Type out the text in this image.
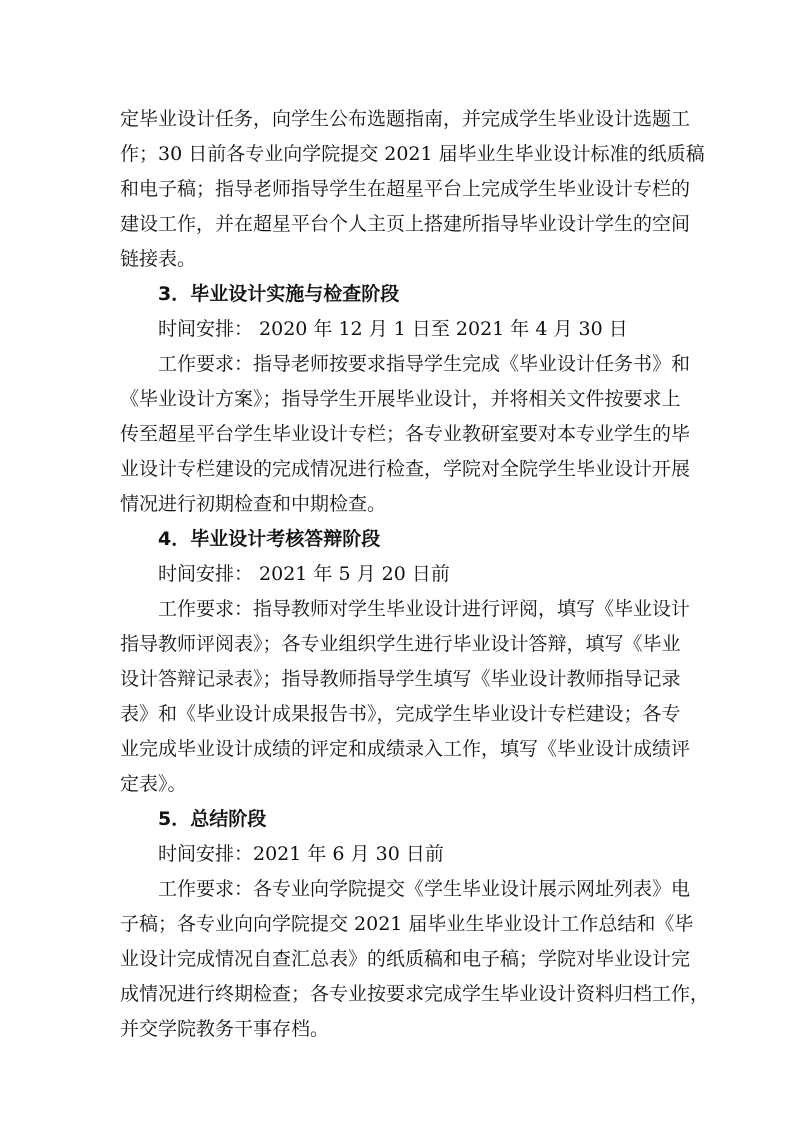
定毕业设计任务，向学生公布选题指南，并完成学生毕业设计选题工
作；30 日前各专业向学院提交 2021 届毕业生毕业设计标准的纸质稿
和电子稿；指导老师指导学生在超星平台上完成学生毕业设计专栏的
建设工作，并在超星平台个人主页上搭建所指导毕业设计学生的空间
链接表。
3．毕业设计实施与检查阶段
时间安排： 2020 年 12 月 1 日至 2021 年 4 月 30 日
工作要求：指导老师按要求指导学生完成《毕业设计任务书》和
《毕业设计方案》；指导学生开展毕业设计，并将相关文件按要求上
传至超星平台学生毕业设计专栏；各专业教研室要对本专业学生的毕
业设计专栏建设的完成情况进行检查，学院对全院学生毕业设计开展
情况进行初期检查和中期检查。
4．毕业设计考核答辩阶段
时间安排： 2021 年 5 月 20 日前
工作要求：指导教师对学生毕业设计进行评阅，填写《毕业设计
指导教师评阅表》；各专业组织学生进行毕业设计答辩，填写《毕业
设计答辩记录表》；指导教师指导学生填写《毕业设计教师指导记录
表》和《毕业设计成果报告书》，完成学生毕业设计专栏建设；各专
业完成毕业设计成绩的评定和成绩录入工作，填写《毕业设计成绩评
定表》。
5．总结阶段
时间安排：2021 年 6 月 30 日前
工作要求：各专业向学院提交《学生毕业设计展示网址列表》电
子稿；各专业向向学院提交 2021 届毕业生毕业设计工作总结和《毕
业设计完成情况自查汇总表》的纸质稿和电子稿；学院对毕业设计完
成情况进行终期检查；各专业按要求完成学生毕业设计资料归档工作，
并交学院教务干事存档。
